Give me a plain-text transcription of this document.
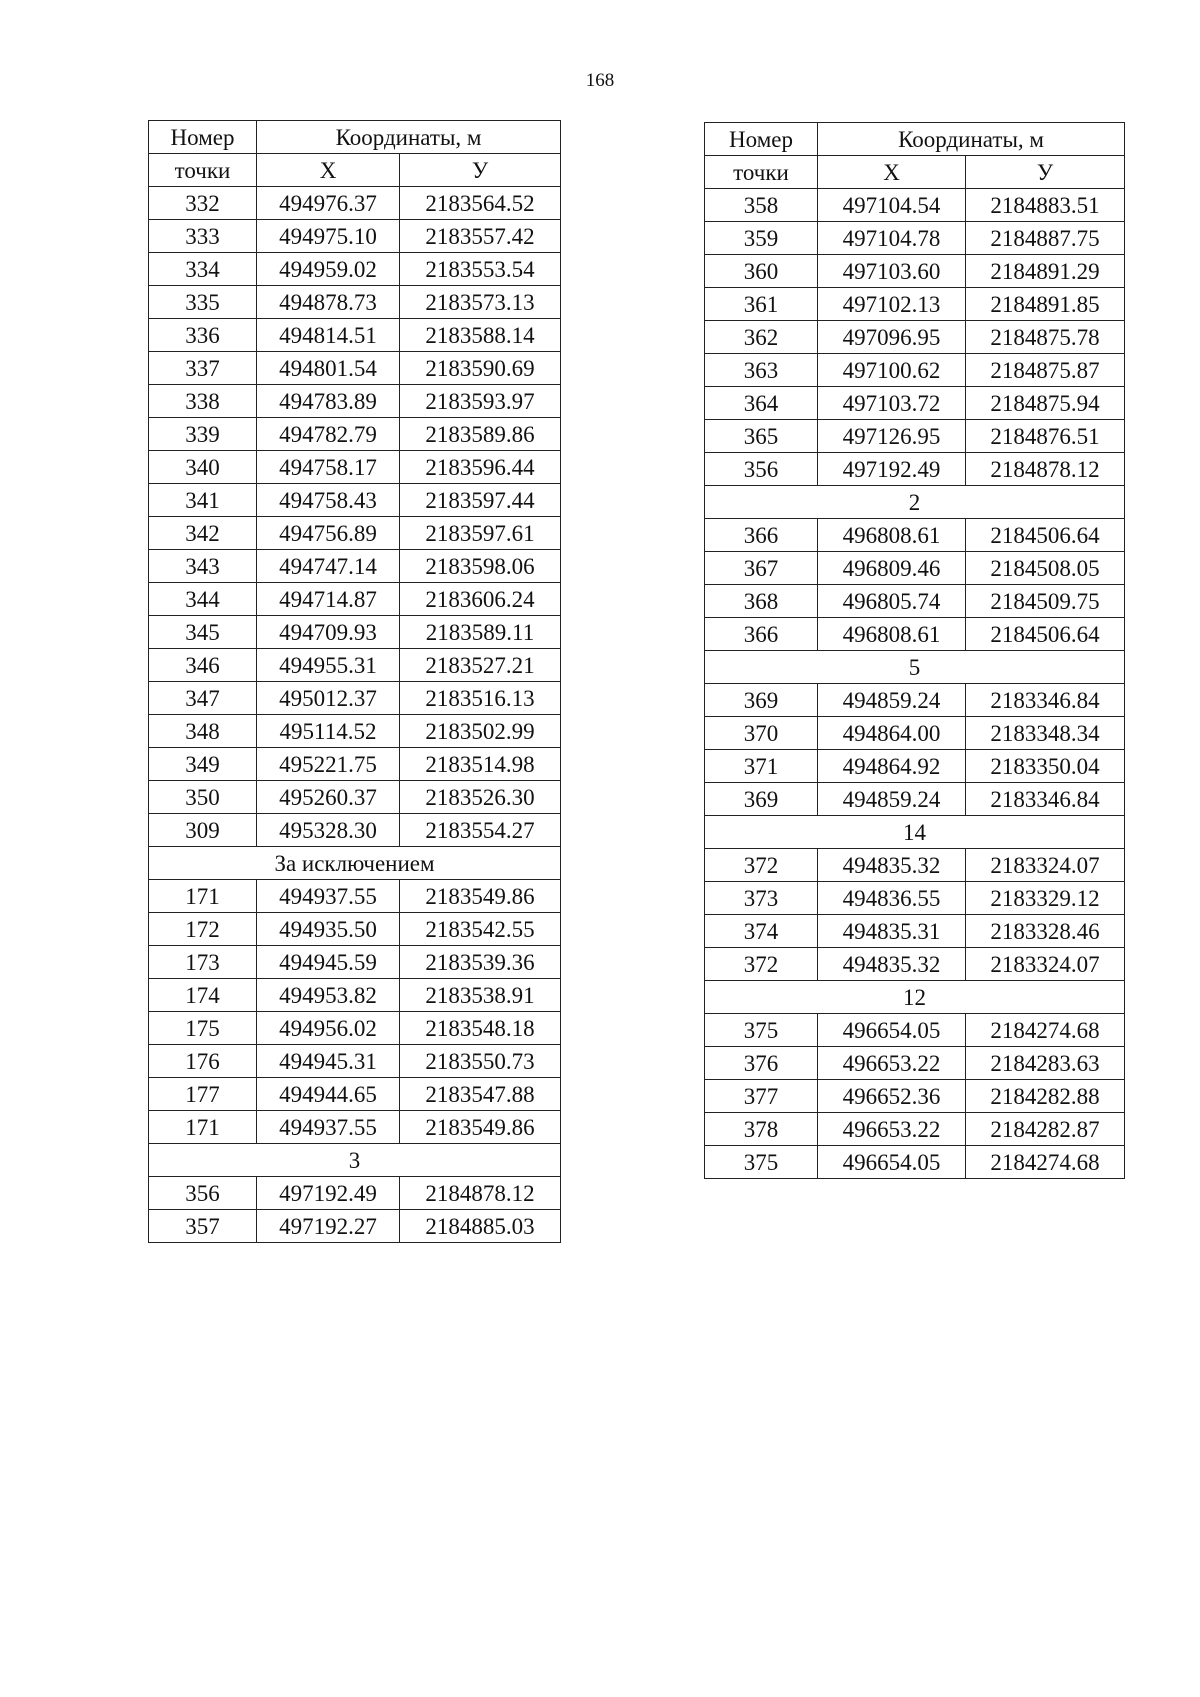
168
Номер	Координаты, м	
точки	Х	У
332	494976.37	2183564.52
333	494975.10	2183557.42
334	494959.02	2183553.54
335	494878.73	2183573.13
336	494814.51	2183588.14
337	494801.54	2183590.69
338	494783.89	2183593.97
339	494782.79	2183589.86
340	494758.17	2183596.44
341	494758.43	2183597.44
342	494756.89	2183597.61
343	494747.14	2183598.06
344	494714.87	2183606.24
345	494709.93	2183589.11
346	494955.31	2183527.21
347	495012.37	2183516.13
348	495114.52	2183502.99
349	495221.75	2183514.98
350	495260.37	2183526.30
309	495328.30	2183554.27
За исключением		
171	494937.55	2183549.86
172	494935.50	2183542.55
173	494945.59	2183539.36
174	494953.82	2183538.91
175	494956.02	2183548.18
176	494945.31	2183550.73
177	494944.65	2183547.88
171	494937.55	2183549.86
3		
356	497192.49	2184878.12
357	497192.27	2184885.03
Номер	Координаты, м	
точки	Х	У
358	497104.54	2184883.51
359	497104.78	2184887.75
360	497103.60	2184891.29
361	497102.13	2184891.85
362	497096.95	2184875.78
363	497100.62	2184875.87
364	497103.72	2184875.94
365	497126.95	2184876.51
356	497192.49	2184878.12
2		
366	496808.61	2184506.64
367	496809.46	2184508.05
368	496805.74	2184509.75
366	496808.61	2184506.64
5		
369	494859.24	2183346.84
370	494864.00	2183348.34
371	494864.92	2183350.04
369	494859.24	2183346.84
14		
372	494835.32	2183324.07
373	494836.55	2183329.12
374	494835.31	2183328.46
372	494835.32	2183324.07
12		
375	496654.05	2184274.68
376	496653.22	2184283.63
377	496652.36	2184282.88
378	496653.22	2184282.87
375	496654.05	2184274.68
